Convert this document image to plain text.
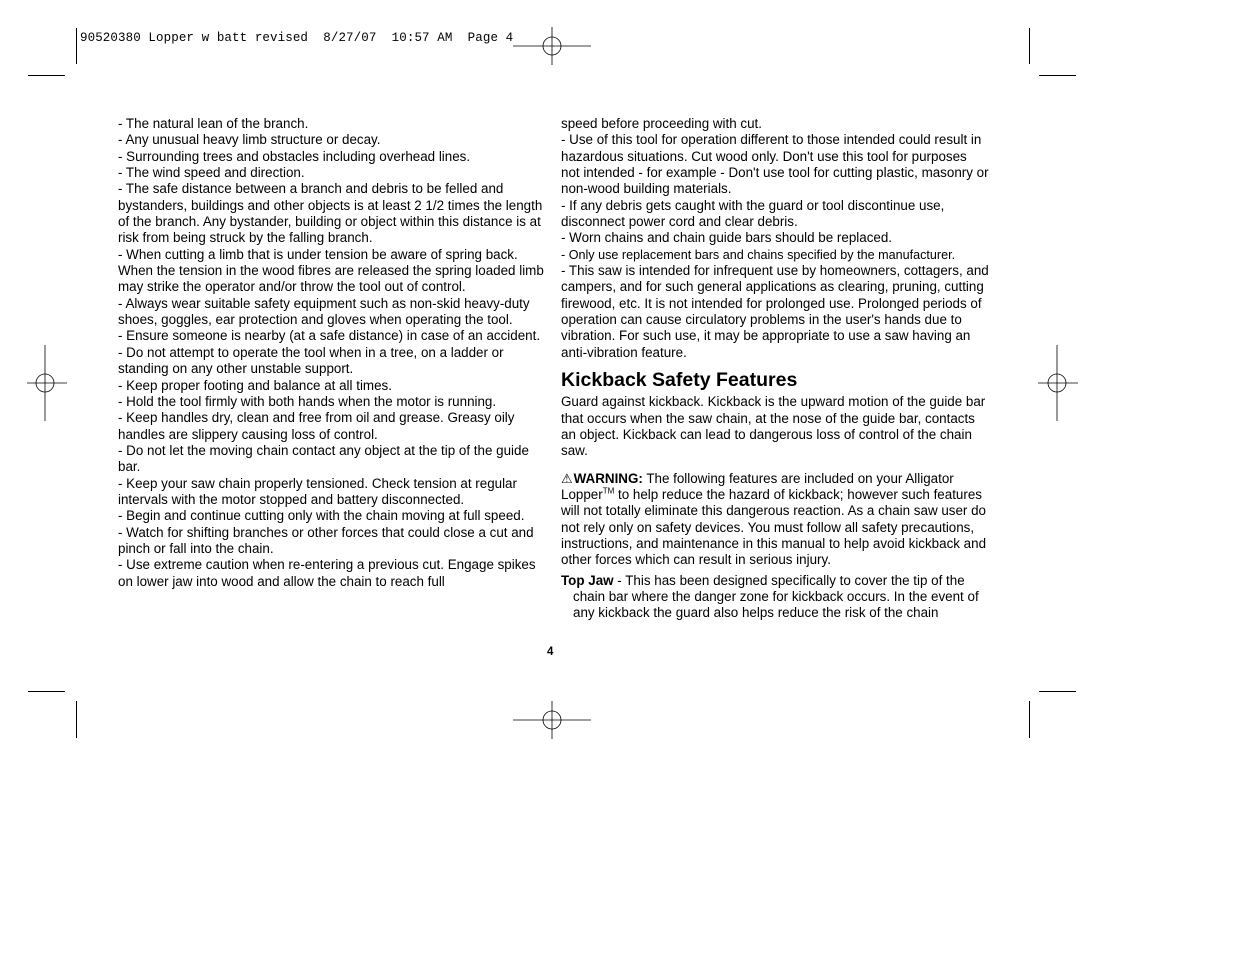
90520380 Lopper w batt revised  8/27/07  10:57 AM  Page 4

- The natural lean of the branch.

- Any unusual heavy limb structure or decay.

- Surrounding trees and obstacles including overhead lines.

- The wind speed and direction.

- The safe distance between a branch and debris to be felled and bystanders, buildings and other objects is at least 2 1/2 times the length of the branch. Any bystander, building or object within this distance is at risk from being struck by the falling branch.

- When cutting a limb that is under tension be aware of spring back. When the tension in the wood fibres are released the spring loaded limb may strike the operator and/or throw the tool out of control.

- Always wear suitable safety equipment such as non-skid heavy-duty shoes, goggles, ear protection and gloves when operating the tool.

- Ensure someone is nearby (at a safe distance) in case of an accident.

- Do not attempt to operate the tool when in a tree, on a ladder or standing on any other unstable support.

- Keep proper footing and balance at all times.

- Hold the tool firmly with both hands when the motor is running.

- Keep handles dry, clean and free from oil and grease. Greasy oily handles are slippery causing loss of control.

- Do not let the moving chain contact any object at the tip of the guide bar.

- Keep your saw chain properly tensioned. Check tension at regular intervals with the motor stopped and battery disconnected.

- Begin and continue cutting only with the chain moving at full speed.

- Watch for shifting branches or other forces that could close a cut and pinch or fall into the chain.

- Use extreme caution when re-entering a previous cut. Engage spikes on lower jaw into wood and allow the chain to reach full

speed before proceeding with cut.

- Use of this tool for operation different to those intended could result in hazardous situations. Cut wood only. Don't use this tool for purposes not intended - for example - Don't use tool for cutting plastic, masonry or non-wood building materials.

- If any debris gets caught with the guard or tool discontinue use, disconnect power cord and clear debris.

- Worn chains and chain guide bars should be replaced.

- Only use replacement bars and chains specified by the manufacturer.

- This saw is intended for infrequent use by homeowners, cottagers, and campers, and for such general applications as clearing, pruning, cutting firewood, etc. It is not intended for prolonged use. Prolonged periods of operation can cause circulatory problems in the user's hands due to vibration. For such use, it may be appropriate to use a saw having an anti-vibration feature.

Kickback Safety Features

Guard against kickback. Kickback is the upward motion of the guide bar that occurs when the saw chain, at the nose of the guide bar, contacts an object. Kickback can lead to dangerous loss of control of the chain saw.

⚠WARNING: The following features are included on your Alligator Lopper™ to help reduce the hazard of kickback; however such features will not totally eliminate this dangerous reaction. As a chain saw user do not rely only on safety devices. You must follow all safety precautions, instructions, and maintenance in this manual to help avoid kickback and other forces which can result in serious injury.

Top Jaw - This has been designed specifically to cover the tip of the chain bar where the danger zone for kickback occurs. In the event of any kickback the guard also helps reduce the risk of the chain

4
